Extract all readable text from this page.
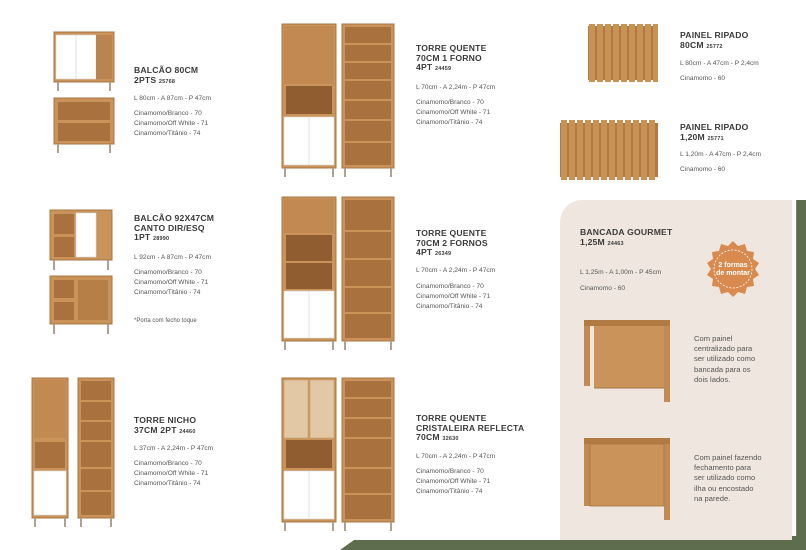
BALCÃO 80CM
2PTS 25768
L 80cm - A 87cm - P 47cm
Cinamomo/Branco - 70
Cinamomo/Off White - 71
Cinamomo/Titânio - 74
BALCÃO 92X47CM
CANTO DIR/ESQ
1PT 28990
L 92cm - A 87cm - P 47cm
Cinamomo/Branco - 70
Cinamomo/Off White - 71
Cinamomo/Titânio - 74
*Porta com fecho toque
TORRE NICHO
37CM 2PT 24460
L 37cm - A 2,24m - P 47cm
Cinamomo/Branco - 70
Cinamomo/Off White - 71
Cinamomo/Titânio - 74
TORRE QUENTE
70CM 1 FORNO
4PT 24459
L 70cm - A 2,24m - P 47cm
Cinamomo/Branco - 70
Cinamomo/Off White - 71
Cinamomo/Titânio - 74
TORRE QUENTE
70CM 2 FORNOS
4PT 26349
L 70cm - A 2,24m - P 47cm
Cinamomo/Branco - 70
Cinamomo/Off White - 71
Cinamomo/Titânio - 74
TORRE QUENTE
CRISTALEIRA REFLECTA
70CM 32630
L 70cm - A 2,24m - P 47cm
Cinamomo/Branco - 70
Cinamomo/Off White - 71
Cinamomo/Titânio - 74
PAINEL RIPADO
80CM 25772
L 80cm - A 47cm - P 2,4cm
Cinamomo - 60
PAINEL RIPADO
1,20M 25771
L 1,20m - A 47cm - P 2,4cm
Cinamomo - 60
BANCADA GOURMET
1,25M 24463
L 1,25m - A 1,00m - P 45cm
Cinamomo - 60
2 formas
de montar
Com painel
centralizado para
ser utilizado como
bancada para os
dois lados.
Com painel fazendo
fechamento para
ser utilizado como
ilha ou encostado
na parede.
